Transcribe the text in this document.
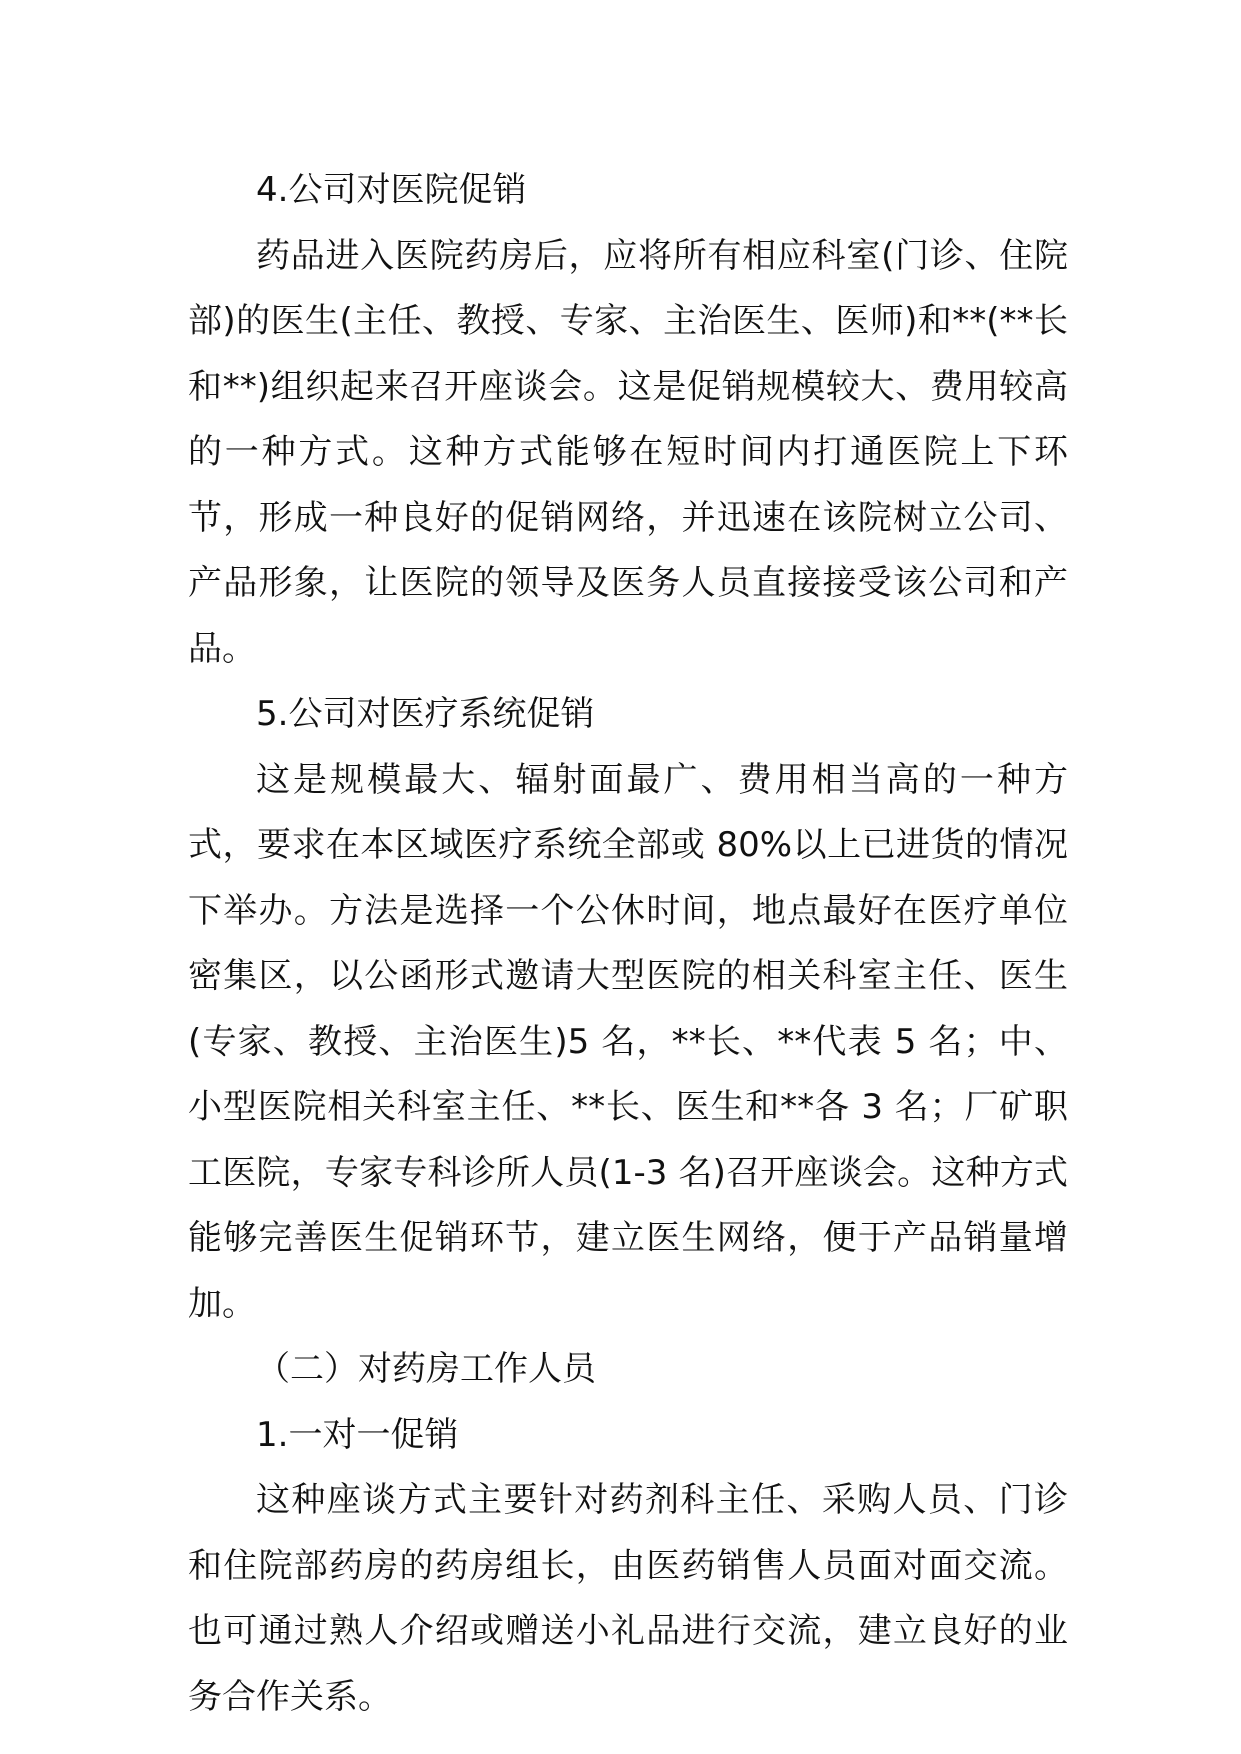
4.公司对医院促销

药品进入医院药房后，应将所有相应科室(门诊、住院部)的医生(主任、教授、专家、主治医生、医师)和**(**长和**)组织起来召开座谈会。这是促销规模较大、费用较高的一种方式。这种方式能够在短时间内打通医院上下环节，形成一种良好的促销网络，并迅速在该院树立公司、产品形象，让医院的领导及医务人员直接接受该公司和产品。

5.公司对医疗系统促销

这是规模最大、辐射面最广、费用相当高的一种方式，要求在本区域医疗系统全部或 80%以上已进货的情况下举办。方法是选择一个公休时间，地点最好在医疗单位密集区，以公函形式邀请大型医院的相关科室主任、医生(专家、教授、主治医生)5 名，**长、**代表 5 名；中、小型医院相关科室主任、**长、医生和**各 3 名；厂矿职工医院，专家专科诊所人员(1-3 名)召开座谈会。这种方式能够完善医生促销环节，建立医生网络，便于产品销量增加。

（二）对药房工作人员

1.一对一促销

这种座谈方式主要针对药剂科主任、采购人员、门诊和住院部药房的药房组长，由医药销售人员面对面交流。也可通过熟人介绍或赠送小礼品进行交流，建立良好的业务合作关系。
